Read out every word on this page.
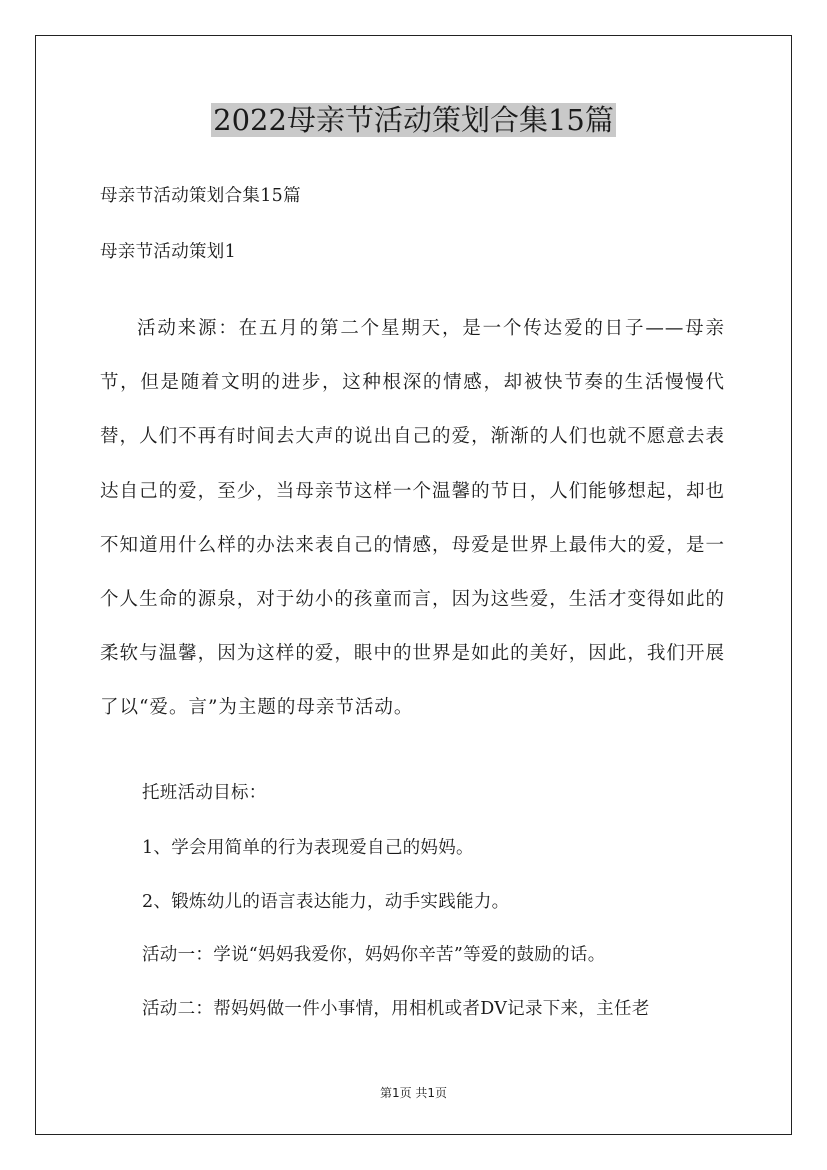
2022母亲节活动策划合集15篇
母亲节活动策划合集15篇
母亲节活动策划1
活动来源：在五月的第二个星期天，是一个传达爱的日子——母亲节，但是随着文明的进步，这种根深的情感，却被快节奏的生活慢慢代替，人们不再有时间去大声的说出自己的爱，渐渐的人们也就不愿意去表达自己的爱，至少，当母亲节这样一个温馨的节日，人们能够想起，却也不知道用什么样的办法来表自己的情感，母爱是世界上最伟大的爱，是一个人生命的源泉，对于幼小的孩童而言，因为这些爱，生活才变得如此的柔软与温馨，因为这样的爱，眼中的世界是如此的美好，因此，我们开展了以“爱。言”为主题的母亲节活动。
托班活动目标：
1、学会用简单的行为表现爱自己的妈妈。
2、锻炼幼儿的语言表达能力，动手实践能力。
活动一：学说“妈妈我爱你，妈妈你辛苦”等爱的鼓励的话。
活动二：帮妈妈做一件小事情，用相机或者DV记录下来，主任老
第1页 共1页
